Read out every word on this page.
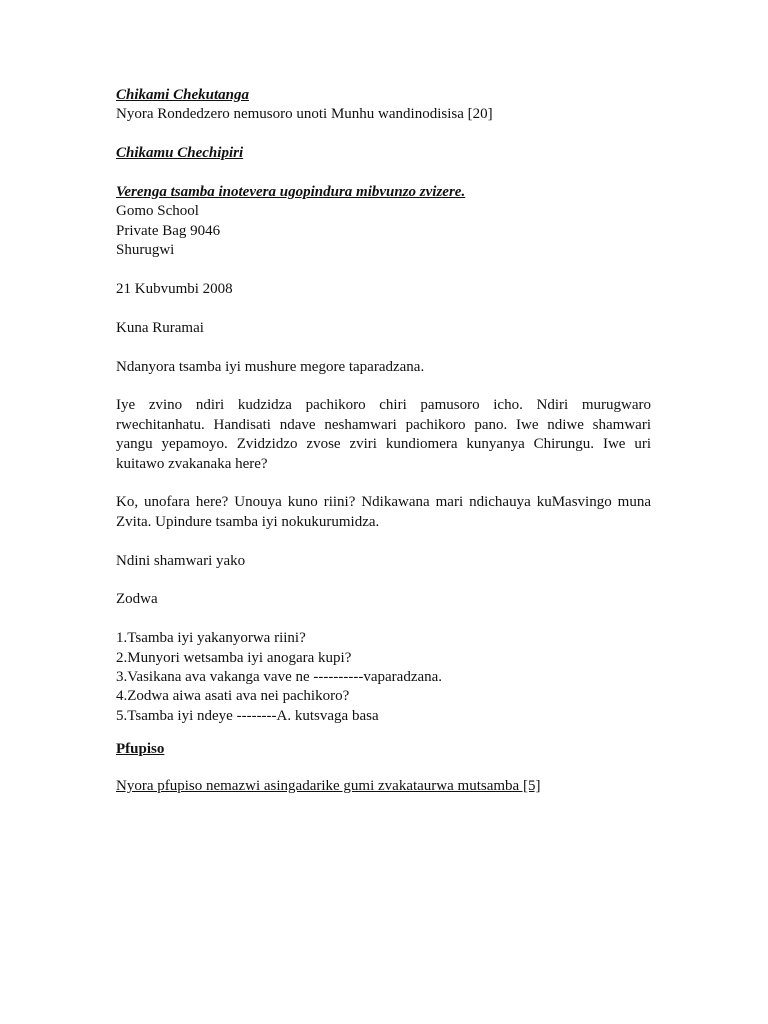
Chikami Chekutanga
Nyora Rondedzero nemusoro unoti Munhu wandinodisisa [20]
Chikamu Chechipiri
Verenga tsamba inotevera ugopindura mibvunzo zvizere.
Gomo School
Private Bag 9046
Shurugwi
21 Kubvumbi 2008
Kuna Ruramai
Ndanyora tsamba iyi mushure megore taparadzana.
Iye zvino ndiri kudzidza pachikoro chiri pamusoro icho. Ndiri murugwaro rwechitanhatu. Handisati ndave neshamwari pachikoro pano. Iwe ndiwe shamwari yangu yepamoyo. Zvidzidzo zvose zviri kundiomera kunyanya Chirungu. Iwe uri kuitawo zvakanaka here?
Ko, unofara here? Unouya kuno riini? Ndikawana mari ndichauya kuMasvingo muna Zvita. Upindure tsamba iyi nokukurumidza.
Ndini shamwari yako
Zodwa
1.Tsamba iyi yakanyorwa riini?
2.Munyori wetsamba iyi anogara kupi?
3.Vasikana ava vakanga vave ne ----------vaparadzana.
4.Zodwa aiwa asati ava nei pachikoro?
5.Tsamba iyi ndeye --------A. kutsvaga basa
Pfupiso
Nyora pfupiso nemazwi asingadarike gumi zvakataurwa mutsamba [5]
